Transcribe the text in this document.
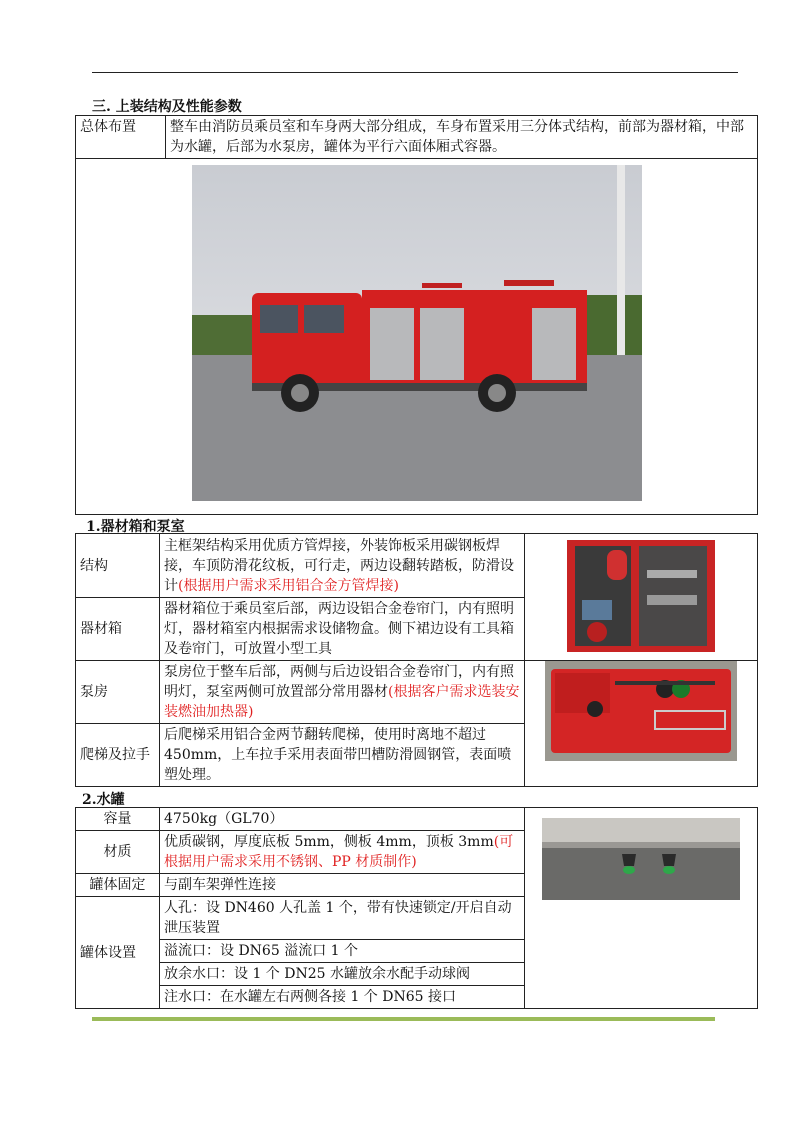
三. 上装结构及性能参数
总体布置	整车由消防员乘员室和车身两大部分组成，车身布置采用三分体式结构，前部为器材箱，中部为水罐，后部为水泵房，罐体为平行六面体厢式容器。

1.器材箱和泵室
结构	主框架结构采用优质方管焊接，外装饰板采用碳钢板焊接，车顶防滑花纹板，可行走，两边设翻转踏板，防滑设计(根据用户需求采用铝合金方管焊接)	

器材箱	器材箱位于乘员室后部，两边设铝合金卷帘门，内有照明灯，器材箱室内根据需求设储物盒。侧下裙边设有工具箱及卷帘门，可放置小型工具	
泵房	泵房位于整车后部，两侧与后边设铝合金卷帘门，内有照明灯，泵室两侧可放置部分常用器材(根据客户需求选装安装燃油加热器)	

爬梯及拉手	后爬梯采用铝合金两节翻转爬梯，使用时离地不超过 450mm，上车拉手采用表面带凹槽防滑圆钢管，表面喷塑处理。	
2.水罐
容量	4750kg（GL70）	

材质	优质碳钢，厚度底板 5mm，侧板 4mm，顶板 3mm(可根据用户需求采用不锈钢、PP 材质制作)	
罐体固定	与副车架弹性连接	
罐体设置	人孔：设 DN460 人孔盖 1 个，带有快速锁定/开启自动泄压装置	
	溢流口：设 DN65 溢流口 1 个	
	放余水口：设 1 个 DN25 水罐放余水配手动球阀	
	注水口：在水罐左右两侧各接 1 个 DN65 接口	
